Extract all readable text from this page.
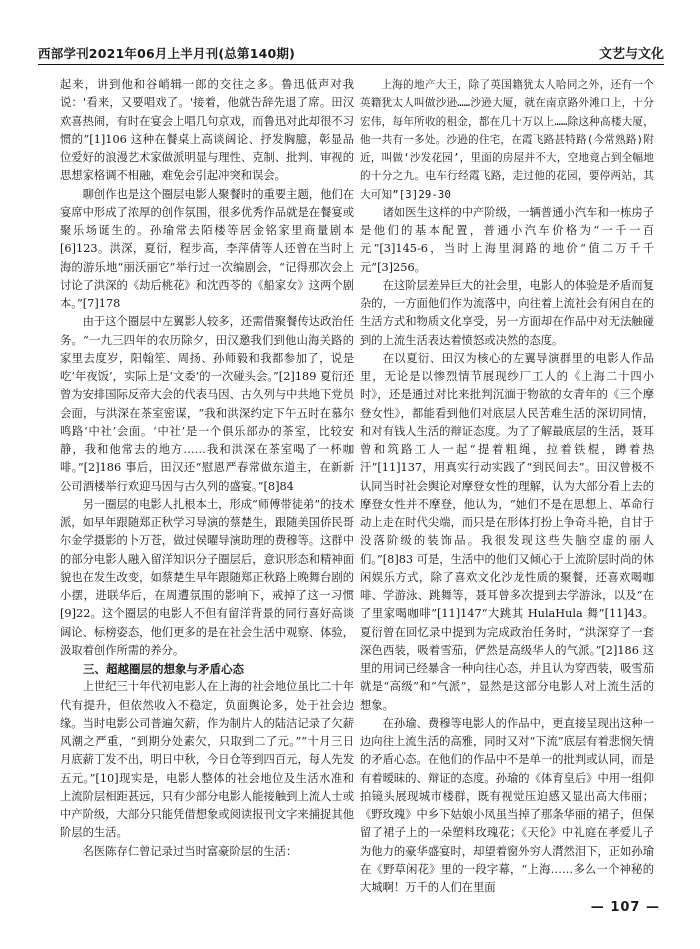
西部学刊2021年06月上半月刊(总第140期)	文艺与文化

起来，讲到他和谷峭辑一郎的交往之多。鲁迅低声对我说：'看来，又要唱戏了。'接着，他就告辞先退了席。田汉欢喜热闹，有时在宴会上唱几句京戏，而鲁迅对此却很不习惯的”[1]106 这种在餐桌上高谈阔论、抒发胸臆，彰显品位爱好的浪漫艺术家做派明显与理性、克制、批判、审视的思想家格调不相融，难免会引起冲突和误会。

聊创作也是这个圈层电影人聚餐时的重要主题，他们在宴席中形成了浓厚的创作氛围，很多优秀作品就是在餐宴或聚乐场诞生的。孙瑜常去陌楼等居金铭家里商量剧本[6]123。洪深，夏衍，程步高，李萍倩等人还曾在当时上海的游乐地“丽沃丽它”举行过一次编剧会，“记得那次会上讨论了洪深的《劫后桃花》和沈西苓的《船家女》这两个剧本。”[7]178

由于这个圈层中左翼影人较多，还需借聚餐传达政治任务。“一九三四年的农历除夕，田汉邀我们到他山海关路的家里去度岁，阳翰笙、周扬、孙师毅和我都参加了，说是吃‘年夜饭’，实际上是‘文委’的一次碰头会。”[2]189 夏衍还曾为安排国际反帝大会的代表马因、古久列与中共地下党员会面，与洪深在茶室密谋，“我和洪深约定下午五时在慕尔鸣路‘中社’会面。‘中社’是一个俱乐部办的茶室，比较安静，我和他常去的地方……我和洪深在茶室喝了一杯咖啡。”[2]186 事后，田汉还“慰恩严春常做东道主，在新新公司酒楼举行欢迎马因与古久列的盛宴。”[8]84

另一圈层的电影人扎根本土，形成“师傅带徒弟”的技术派，如早年跟随郑正秋学习导演的蔡楚生，跟随美国侨民哥尔金学摄影的卜万苍，做过侯曜导演助理的费穆等。这群中的部分电影人融入留洋知识分子圈层后，意识形态和精神面貌也在发生改变，如蔡楚生早年跟随郑正秋路上晚舞台剧的小摆，进联华后，在周遭氛围的影响下，戒掉了这一习惯[9]22。这个圈层的电影人不但有留洋背景的同行喜好高谈阔论、标榜姿态，他们更多的是在社会生活中观察、体验，汲取着创作所需的养分。

三、超越圈层的想象与矛盾心态

上世纪三十年代初电影人在上海的社会地位虽比二十年代有提升，但依然收入不稳定，负面舆论多，处于社会边缘。当时电影公司普遍欠薪，作为制片人的陆洁记录了欠薪风潮之严重，“到期分处素欠，只取到二了元。”“十月三日月底薪丁发不出，明日中秋，今日仓等到四百元，每人先发五元。”[10]现实是，电影人整体的社会地位及生活水准和上流阶层相距甚远，只有少部分电影人能接触到上流人士或中产阶级，大部分只能凭借想象或阅读报刊文字来捕捉其他阶层的生活。

名医陈存仁曾记录过当时富豪阶层的生活：

上海的地产大王，除了英国籍犹太人哈同之外，还有一个英籍犹太人叫做沙逊……沙逊大厦，就在南京路外滩口上，十分宏伟，每年所收的租金，都在几十万以上……除这种高楼大厦，他一共有一多处。沙逊的住宅，在霞飞路甚特路(今常熟路)附近，叫做‘沙发花园’，里面的房屋并不大，空地竟占到全幅地的十分之九。电车行经霞飞路，走过他的花园，要停两站，其大可知”[3]29-30

诸如医生这样的中产阶级，一辆普通小汽车和一栋房子是他们的基本配置，普通小汽车价格为“一千一百元”[3]145-6，当时上海里洞路的地价“值二万千千元”[3]256。

在这阶层差异巨大的社会里，电影人的体验是矛盾而复杂的，一方面他们作为流落中，向往着上流社会有闲自在的生活方式和物质文化享受，另一方面却在作品中对无法触碰到的上流生活表达着愤怒或决然的态度。

在以夏衍、田汉为核心的左翼导演群里的电影人作品里，无论是以惨烈情节展现纱厂工人的《上海二十四小时》，还是通过对比来批判沉湎于物欲的女青年的《三个摩登女性》，都能看到他们对底层人民苦难生活的深切同情，和对有钱人生活的辩证态度。为了了解最底层的生活，聂耳曾和筑路工人一起“提着粗绳，拉着铁棍，蹲着热汗”[11]137，用真实行动实践了“到民间去”。田汉曾极不认同当时社会舆论对摩登女性的理解，认为大部分看上去的摩登女性并不摩登，他认为，“她们不是在思想上、革命行动上走在时代尖端，而只是在形体打扮上争奇斗艳，自甘于没落阶级的装饰品。我很发现这些失脑空虚的丽人们。”[8]83 可是，生活中的他们又倾心于上流阶层时尚的休闲娱乐方式，除了喜欢文化沙龙性质的聚餐，还喜欢喝咖啡、学游泳、跳舞等，聂耳曾多次提到去学游泳，以及“在了里家喝咖啡”[11]147“大跳其 HulaHula 舞”[11]43。夏衍曾在回忆录中提到为完成政治任务时，“洪深穿了一套深色西装，吸着雪茄，俨然是高级华人的气派。”[2]186 这里的用词已经暴含一种向往心态，并且认为穿西装，吸雪茄就是“高级”和“气派”，显然是这部分电影人对上流生活的想象。

在孙瑜、费穆等电影人的作品中，更直接呈现出这种一边向往上流生活的高雅，同时又对“下流”底层有着悲悯矢情的矛盾心态。在他们的作品中不是单一的批判或认同，而是有着暧昧的、辩证的态度。孙瑜的《体育皇后》中用一组仰拍镜头展现城市楼群，既有视觉压迫感又显出高大伟丽；《野玫瑰》中乡下姑娘小凤虽当掉了那条华丽的裙子，但保留了裙子上的一朵塑料玫瑰花；《天伦》中礼庭在孝爱儿子为他力的豪华盛宴时，却望着窗外穷人潸然泪下，正如孙瑜在《野草闲花》里的一段字幕，“上海……多么一个神秘的大城啊！万千的人们在里面

— 107 —
